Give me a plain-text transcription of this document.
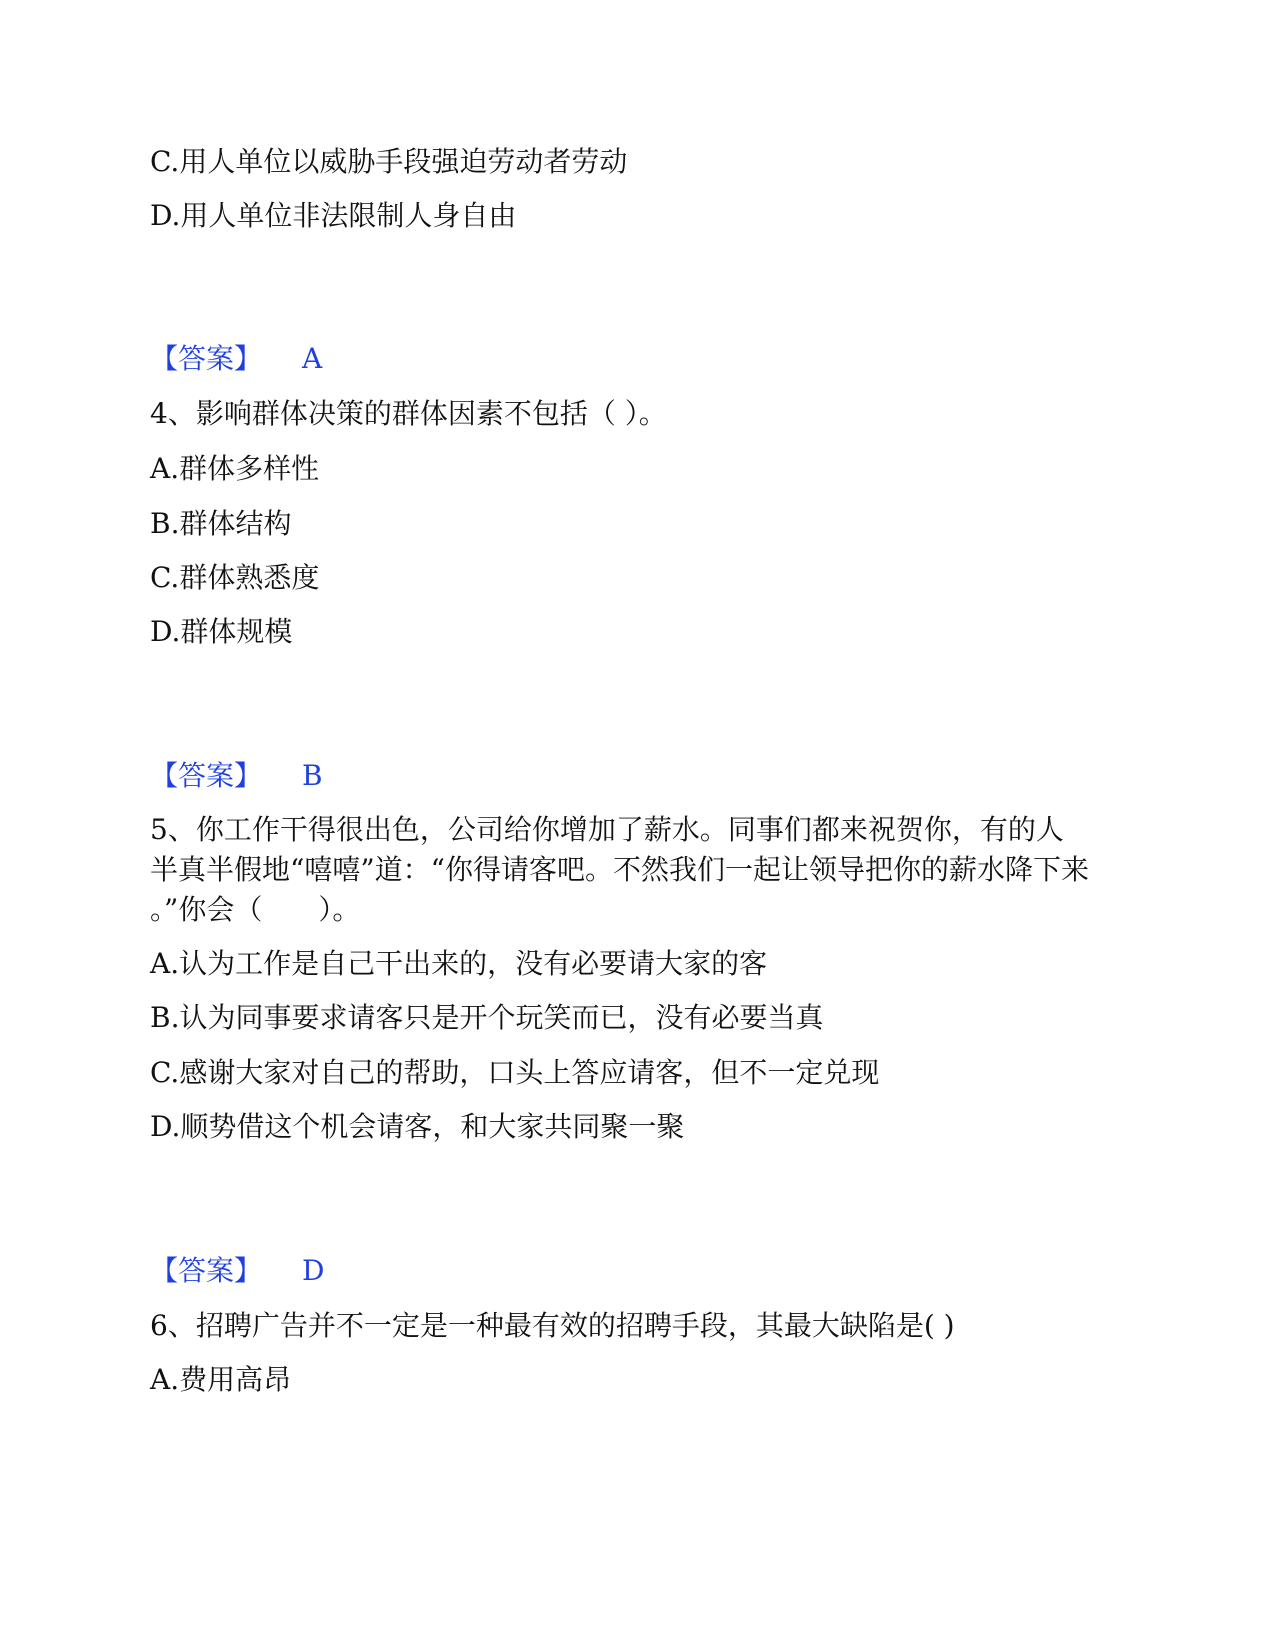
C.用人单位以威胁手段强迫劳动者劳动
D.用人单位非法限制人身自由
【答案】 A
4、影响群体决策的群体因素不包括（ ）。
A.群体多样性
B.群体结构
C.群体熟悉度
D.群体规模
【答案】 B
5、你工作干得很出色，公司给你增加了薪水。同事们都来祝贺你，有的人
半真半假地“嘻嘻”道：“你得请客吧。不然我们一起让领导把你的薪水降下来
。”你会（　　）。
A.认为工作是自己干出来的，没有必要请大家的客
B.认为同事要求请客只是开个玩笑而已，没有必要当真
C.感谢大家对自己的帮助，口头上答应请客，但不一定兑现
D.顺势借这个机会请客，和大家共同聚一聚
【答案】 D
6、招聘广告并不一定是一种最有效的招聘手段，其最大缺陷是( )
A.费用高昂
